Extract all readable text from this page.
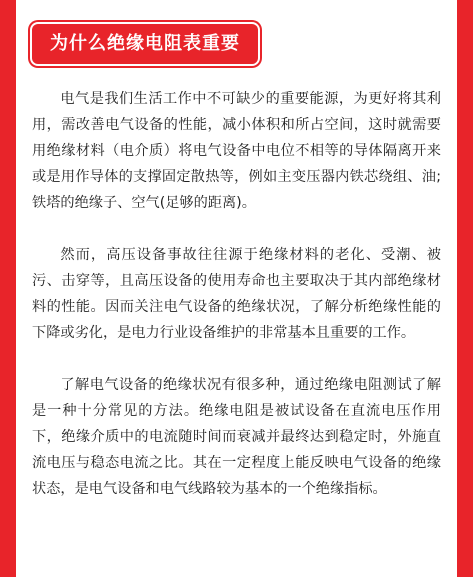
为什么绝缘电阻表重要

电气是我们生活工作中不可缺少的重要能源，为更好将其利用，需改善电气设备的性能，减小体积和所占空间，这时就需要用绝缘材料（电介质）将电气设备中电位不相等的导体隔离开来或是用作导体的支撑固定散热等，例如主变压器内铁芯绕组、油;铁塔的绝缘子、空气(足够的距离)。

然而，高压设备事故往往源于绝缘材料的老化、受潮、被污、击穿等，且高压设备的使用寿命也主要取决于其内部绝缘材料的性能。因而关注电气设备的绝缘状况，了解分析绝缘性能的下降或劣化，是电力行业设备维护的非常基本且重要的工作。

了解电气设备的绝缘状况有很多种，通过绝缘电阻测试了解是一种十分常见的方法。绝缘电阻是被试设备在直流电压作用下，绝缘介质中的电流随时间而衰减并最终达到稳定时，外施直流电压与稳态电流之比。其在一定程度上能反映电气设备的绝缘状态，是电气设备和电气线路较为基本的一个绝缘指标。
